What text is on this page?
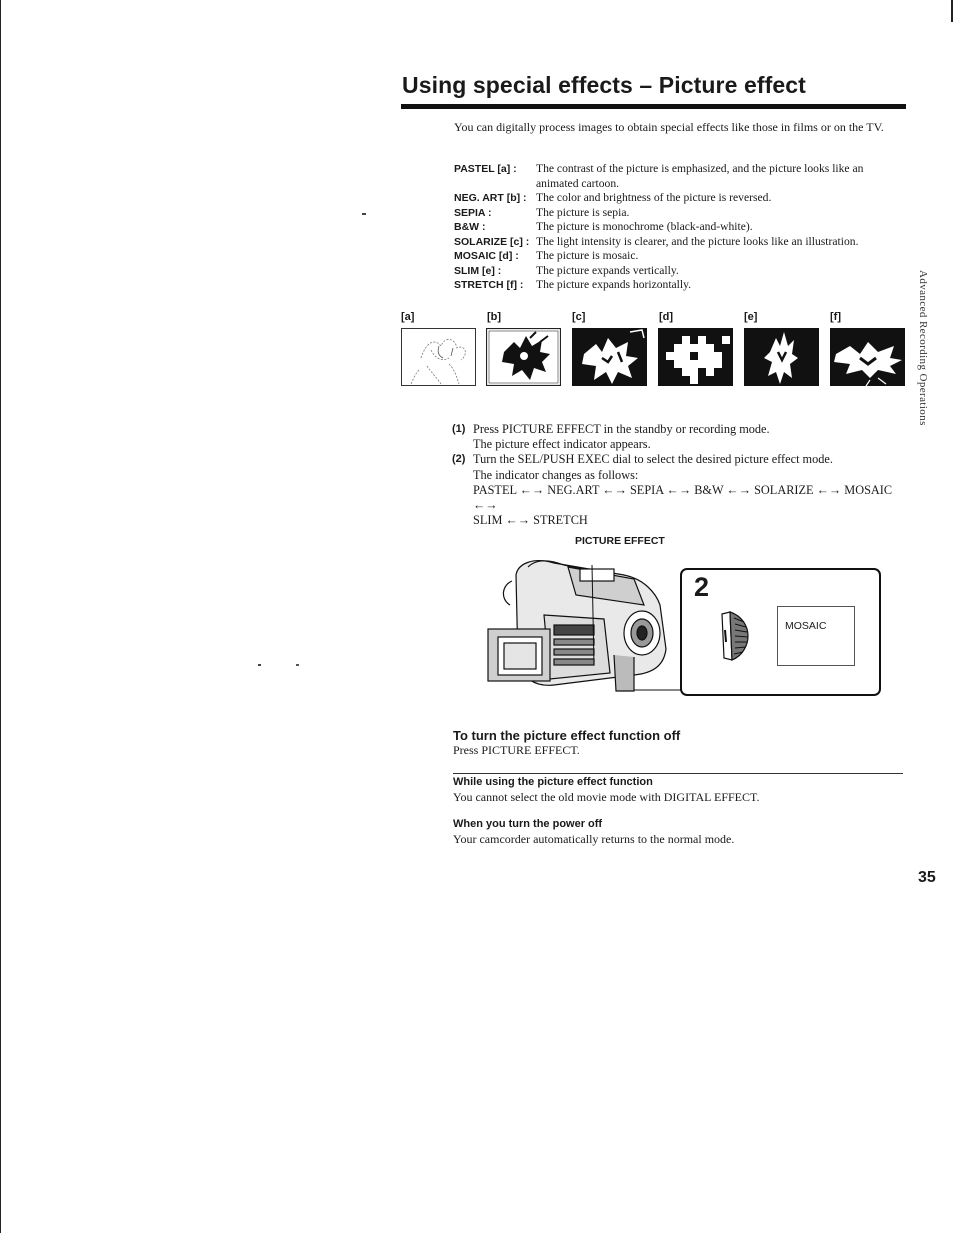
Using special effects – Picture effect
You can digitally process images to obtain special effects like those in films or on the TV.
PASTEL [a] :	The contrast of the picture is emphasized, and the picture looks like an animated cartoon.
NEG. ART [b] : The color and brightness of the picture is reversed.
SEPIA :	The picture is sepia.
B&W :	The picture is monochrome (black-and-white).
SOLARIZE [c] : The light intensity is clearer, and the picture looks like an illustration.
MOSAIC [d] :	The picture is mosaic.
SLIM [e] :	The picture expands vertically.
STRETCH [f] :	The picture expands horizontally.	Advanced Recording Operations
[a]	[b]	[c]	[d]	[e]	[f]
(1) Press PICTURE EFFECT in the standby or recording mode.
The picture effect indicator appears.
(2) Turn the SEL/PUSH EXEC dial to select the desired picture effect mode.
The indicator changes as follows:
PASTEL ←→ NEG.ART ←→ SEPIA ←→ B&W ←→ SOLARIZE ←→ MOSAIC ←→
SLIM ←→ STRETCH
PICTURE EFFECT
2
MOSAIC
To turn the picture effect function off
Press PICTURE EFFECT.
While using the picture effect function
You cannot select the old movie mode with DIGITAL EFFECT.
When you turn the power off
Your camcorder automatically returns to the normal mode.
35
